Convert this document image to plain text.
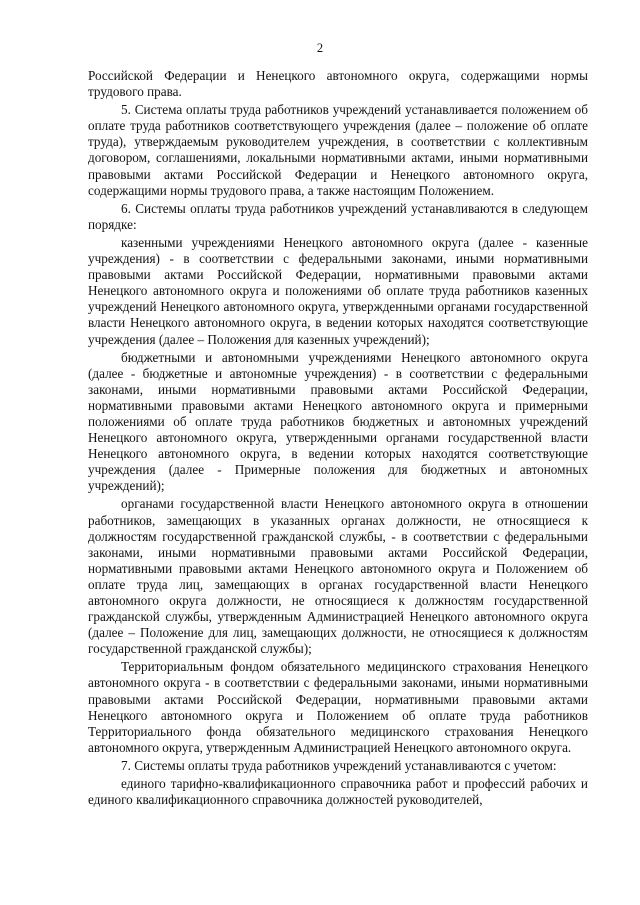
2

Российской Федерации и Ненецкого автономного округа, содержащими нормы трудового права.

5. Система оплаты труда работников учреждений устанавливается положением об оплате труда работников соответствующего учреждения (далее – положение об оплате труда), утверждаемым руководителем учреждения, в соответствии с коллективным договором, соглашениями, локальными нормативными актами, иными нормативными правовыми актами Российской Федерации и Ненецкого автономного округа, содержащими нормы трудового права, а также настоящим Положением.

6. Системы оплаты труда работников учреждений устанавливаются в следующем порядке:

казенными учреждениями Ненецкого автономного округа (далее - казенные учреждения) - в соответствии с федеральными законами, иными нормативными правовыми актами Российской Федерации, нормативными правовыми актами Ненецкого автономного округа и положениями об оплате труда работников казенных учреждений Ненецкого автономного округа, утвержденными органами государственной власти Ненецкого автономного округа, в ведении которых находятся соответствующие учреждения (далее – Положения для казенных учреждений);

бюджетными и автономными учреждениями Ненецкого автономного округа (далее - бюджетные и автономные учреждения) - в соответствии с федеральными законами, иными нормативными правовыми актами Российской Федерации, нормативными правовыми актами Ненецкого автономного округа и примерными положениями об оплате труда работников бюджетных и автономных учреждений Ненецкого автономного округа, утвержденными органами государственной власти Ненецкого автономного округа, в ведении которых находятся соответствующие учреждения (далее - Примерные положения для бюджетных и автономных учреждений);

органами государственной власти Ненецкого автономного округа в отношении работников, замещающих в указанных органах должности, не относящиеся к должностям государственной гражданской службы, - в соответствии с федеральными законами, иными нормативными правовыми актами Российской Федерации, нормативными правовыми актами Ненецкого автономного округа и Положением об оплате труда лиц, замещающих в органах государственной власти Ненецкого автономного округа должности, не относящиеся к должностям государственной гражданской службы, утвержденным Администрацией Ненецкого автономного округа (далее – Положение для лиц, замещающих должности, не относящиеся к должностям государственной гражданской службы);

Территориальным фондом обязательного медицинского страхования Ненецкого автономного округа - в соответствии с федеральными законами, иными нормативными правовыми актами Российской Федерации, нормативными правовыми актами Ненецкого автономного округа и Положением об оплате труда работников Территориального фонда обязательного медицинского страхования Ненецкого автономного округа, утвержденным Администрацией Ненецкого автономного округа.

7. Системы оплаты труда работников учреждений устанавливаются с учетом:

единого тарифно-квалификационного справочника работ и профессий рабочих и единого квалификационного справочника должностей руководителей,
